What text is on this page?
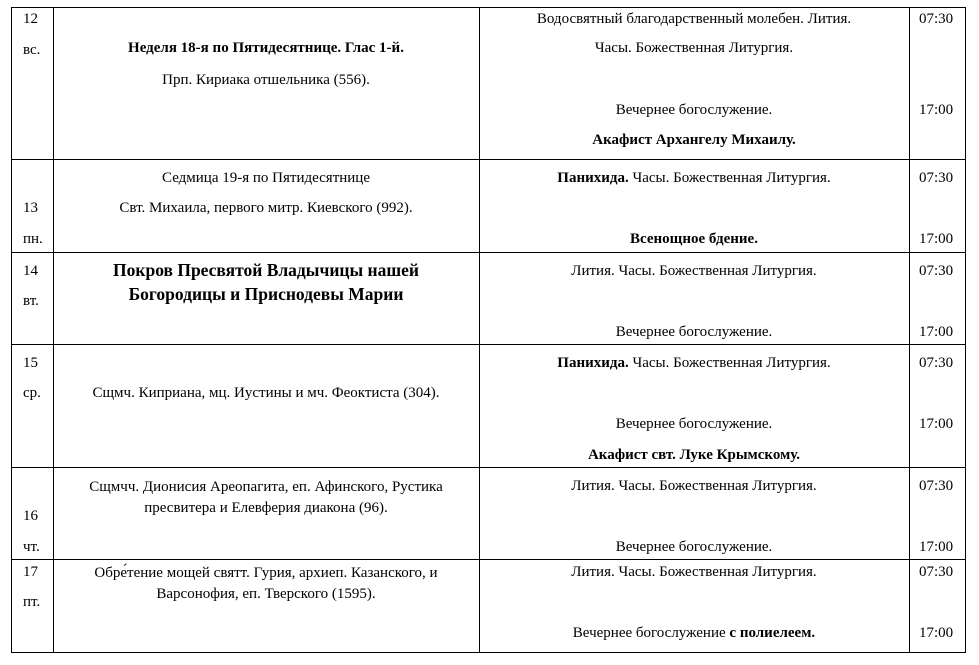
12
вс.	Неделя 18-я по Пятидесятнице. Глас 1-й.
Прп. Кириака отшельника (556).
Водосвятный благодарственный молебен. Лития.
Часы. Божественная Литургия.
Вечернее богослужение.
Акафист Архангелу Михаилу.
07:30
17:00
13
пн.
Седмица 19-я по Пятидесятнице
Свт. Михаила, первого митр. Киевского (992).
Панихида. Часы. Божественная Литургия.
Всенощное бдение.
07:30
17:00
14
вт.
Покров Пресвятой Владычицы нашей
Богородицы и Приснодевы Марии
Лития. Часы. Божественная Литургия.
Вечернее богослужение.
07:30
17:00
15
ср.	Сщмч. Киприана, мц. Иустины и мч. Феоктиста (304).
Панихида. Часы. Божественная Литургия.
Вечернее богослужение.
Акафист свт. Луке Крымскому.
07:30
17:00
16
чт.
Сщмчч. Дионисия Ареопагита, еп. Афинского, Рустика пресвитера и Елевферия диакона (96).
Лития. Часы. Божественная Литургия.
Вечернее богослужение.
07:30
17:00
17
пт.
Обре́тение мощей святт. Гурия, архиеп. Казанского, и Варсонофия, еп. Тверского (1595).
Лития. Часы. Божественная Литургия.
Вечернее богослужение с полиелеем.
07:30
17:00
